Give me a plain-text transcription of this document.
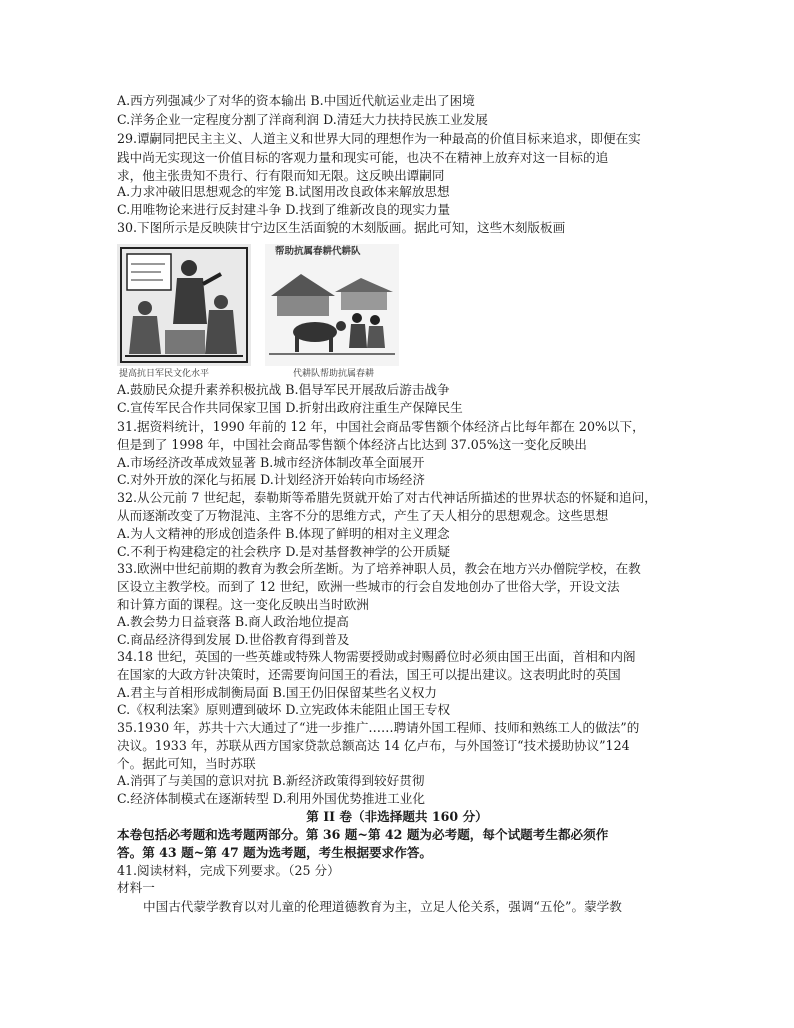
A.西方列强减少了对华的资本输出 B.中国近代航运业走出了困境
C.洋务企业一定程度分割了洋商利润 D.清廷大力扶持民族工业发展
29.谭嗣同把民主主义、人道主义和世界大同的理想作为一种最高的价值目标来追求，即便在实
践中尚无实现这一价值目标的客观力量和现实可能，也决不在精神上放弃对这一目标的追
求，他主张贵知不贵行、行有限而知无限。这反映出谭嗣同
A.力求冲破旧思想观念的牢笼 B.试图用改良政体来解放思想
C.用唯物论来进行反封建斗争 D.找到了维新改良的现实力量
30.下图所示是反映陕甘宁边区生活面貌的木刻版画。据此可知，这些木刻版板画
帮助抗属春耕代耕队
提高抗日军民文化水平	代耕队帮助抗属春耕
A.鼓励民众提升素养积极抗战 B.倡导军民开展敌后游击战争
C.宣传军民合作共同保家卫国 D.折射出政府注重生产保障民生
31.据资料统计，1990 年前的 12 年，中国社会商品零售额个体经济占比每年都在 20%以下，
但是到了 1998 年，中国社会商品零售额个体经济占比达到 37.05%这一变化反映出
A.市场经济改革成效显著 B.城市经济体制改革全面展开
C.对外开放的深化与拓展 D.计划经济开始转向市场经济
32.从公元前 7 世纪起，泰勒斯等希腊先贤就开始了对古代神话所描述的世界状态的怀疑和追问，
从而逐渐改变了万物混沌、主客不分的思维方式，产生了天人相分的思想观念。这些思想
A.为人文精神的形成创造条件 B.体现了鲜明的相对主义理念
C.不利于构建稳定的社会秩序 D.是对基督教神学的公开质疑
33.欧洲中世纪前期的教育为教会所垄断。为了培养神职人员，教会在地方兴办僧院学校，在教
区设立主教学校。而到了 12 世纪，欧洲一些城市的行会自发地创办了世俗大学，开设文法
和计算方面的课程。这一变化反映出当时欧洲
A.教会势力日益衰落 B.商人政治地位提高
C.商品经济得到发展 D.世俗教育得到普及
34.18 世纪，英国的一些英雄或特殊人物需要授勋或封赐爵位时必须由国王出面，首相和内阁
在国家的大政方针决策时，还需要询问国王的看法，国王可以提出建议。这表明此时的英国
A.君主与首相形成制衡局面 B.国王仍旧保留某些名义权力
C.《权利法案》原则遭到破坏 D.立宪政体未能阻止国王专权
35.1930 年，苏共十六大通过了“进一步推广……聘请外国工程师、技师和熟练工人的做法”的
决议。1933 年，苏联从西方国家贷款总额高达 14 亿卢布，与外国签订“技术援助协议”124
个。据此可知，当时苏联
A.消弭了与美国的意识对抗 B.新经济政策得到较好贯彻
C.经济体制模式在逐渐转型 D.利用外国优势推进工业化
第 II 卷（非选择题共 160 分）
本卷包括必考题和选考题两部分。第 36 题~第 42 题为必考题，每个试题考生都必须作
答。第 43 题~第 47 题为选考题，考生根据要求作答。
41.阅读材料，完成下列要求。（25 分）
材料一
中国古代蒙学教育以对儿童的伦理道德教育为主，立足人伦关系，强调“五伦”。蒙学教
